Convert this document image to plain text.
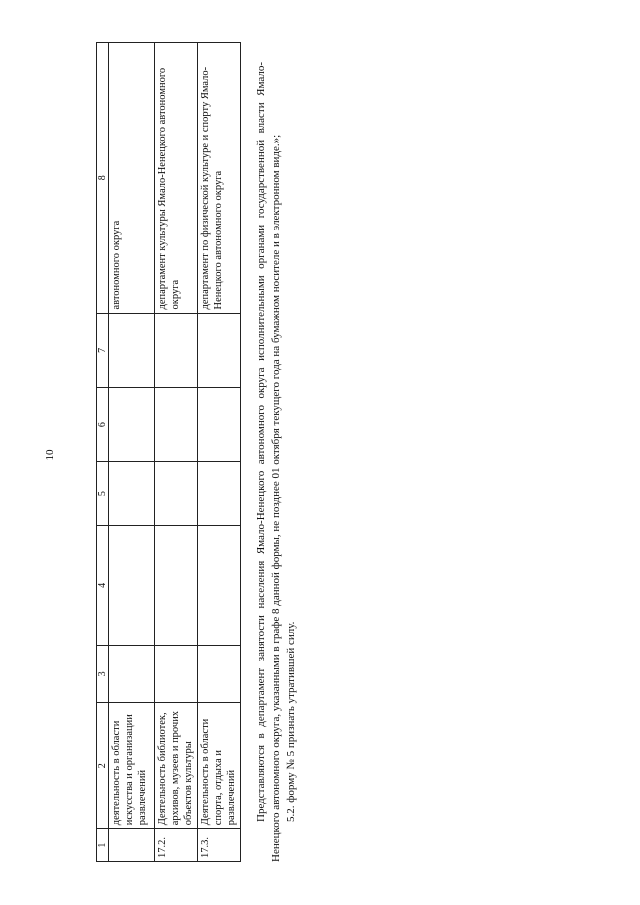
10
1	2	3	4	5	6	7	8
	деятельность в области искусства и организации развлечений						автономного округа
17.2.	Деятельность библиотек, архивов, музеев и прочих объектов культуры						департамент культуры Ямало-Ненецкого автономного округа
17.3.	Деятельность в области спорта, отдыха и развлечений						департамент по физической культуре и спорту Ямало-Ненецкого автономного округа	Представляются в департамент занятости населения Ямало-Ненецкого автономного округа исполнительными органами государственной власти Ямало-Ненецкого автономного округа, указанными в графе 8 данной формы, не позднее 01 октября текущего года на бумажном носителе и в электронном виде.»; 5.2. форму № 5 признать утратившей силу.
